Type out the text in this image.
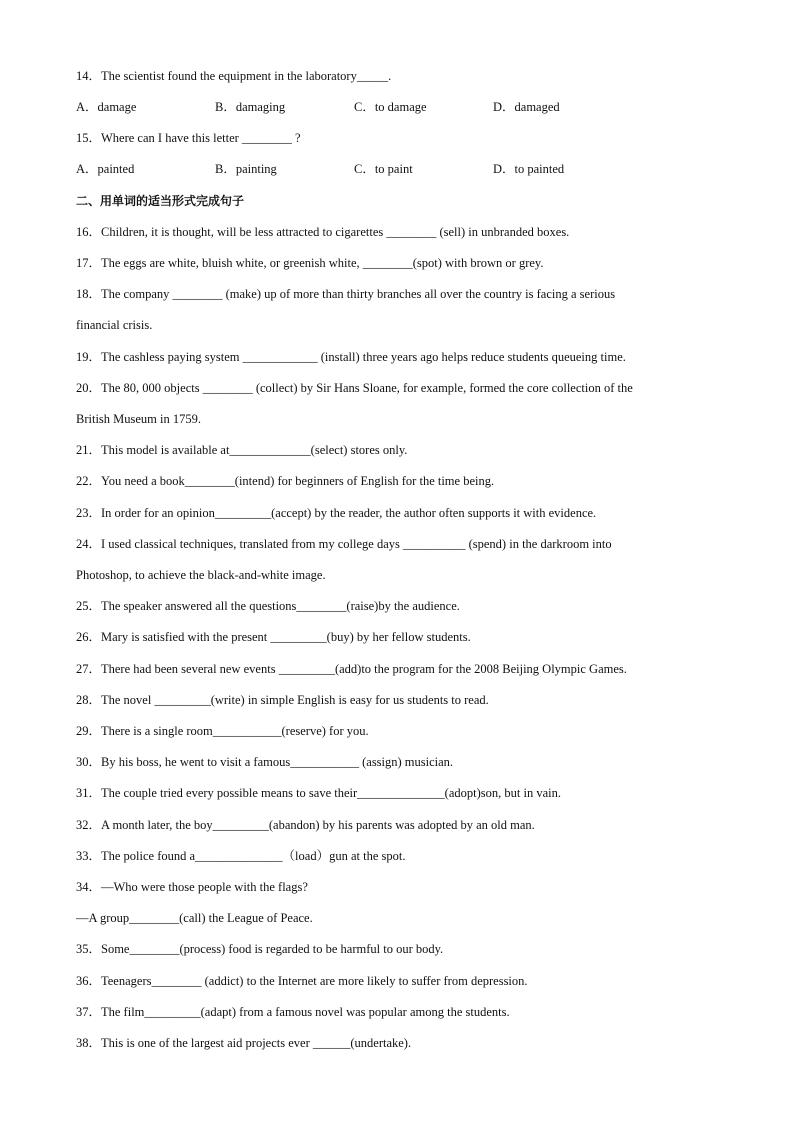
14．The scientist found the equipment in the laboratory_____.
A．damage	B．damaging	C．to damage	D．damaged
15．Where can I have this letter ________ ?
A．painted	B．painting	C．to paint	D．to painted
二、用单词的适当形式完成句子
16．Children, it is thought, will be less attracted to cigarettes ________ (sell) in unbranded boxes.
17．The eggs are white, bluish white, or greenish white, ________(spot) with brown or grey.
18．The company ________ (make) up of more than thirty branches all over the country is facing a serious
financial crisis.
19．The cashless paying system ____________ (install) three years ago helps reduce students queueing time.
20．The 80, 000 objects ________ (collect) by Sir Hans Sloane, for example, formed the core collection of the
British Museum in 1759.
21．This model is available at_____________(select) stores only.
22．You need a book________(intend) for beginners of English for the time being.
23．In order for an opinion_________(accept) by the reader, the author often supports it with evidence.
24．I used classical techniques, translated from my college days __________ (spend) in the darkroom into
Photoshop, to achieve the black-and-white image.
25．The speaker answered all the questions________(raise)by the audience.
26．Mary is satisfied with the present _________(buy) by her fellow students.
27．There had been several new events _________(add)to the program for the 2008 Beijing Olympic Games.
28．The novel _________(write) in simple English is easy for us students to read.
29．There is a single room___________(reserve) for you.
30．By his boss, he went to visit a famous___________ (assign) musician.
31．The couple tried every possible means to save their______________(adopt)son, but in vain.
32．A month later, the boy_________(abandon) by his parents was adopted by an old man.
33．The police found a______________（load）gun at the spot.
34．—Who were those people with the flags?
—A group________(call) the League of Peace.
35．Some________(process) food is regarded to be harmful to our body.
36．Teenagers________ (addict) to the Internet are more likely to suffer from depression.
37．The film_________(adapt) from a famous novel was popular among the students.
38．This is one of the largest aid projects ever ______(undertake).
